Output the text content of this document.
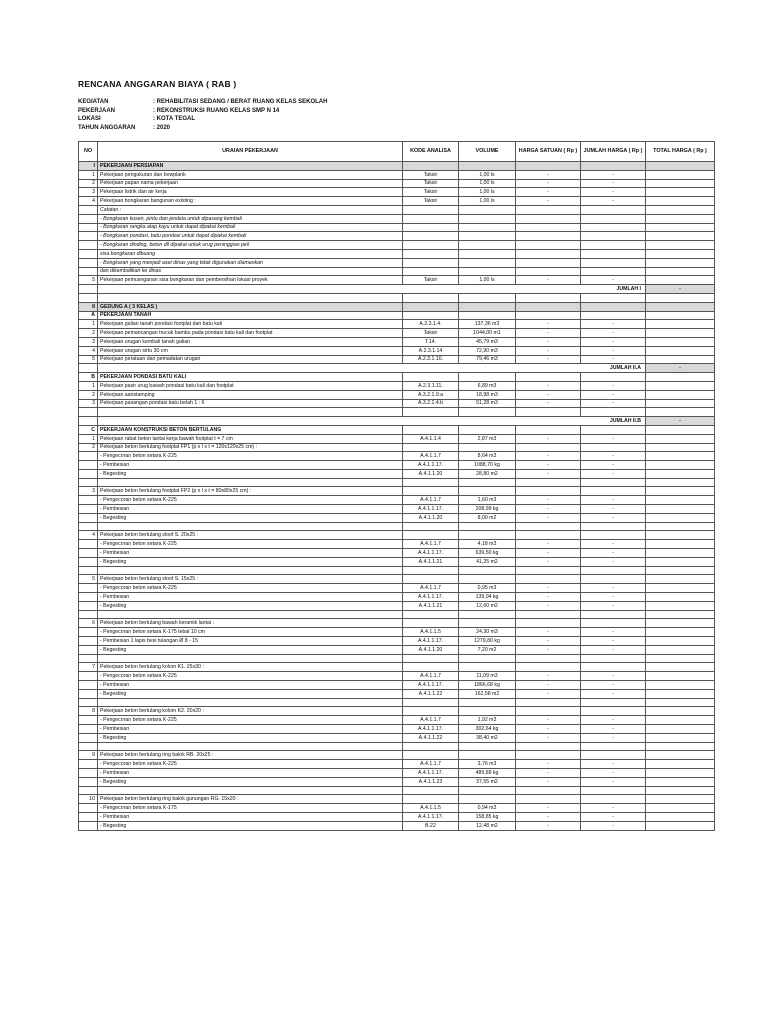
RENCANA ANGGARAN BIAYA ( RAB )
KEGIATAN	: REHABILITASI SEDANG / BERAT RUANG KELAS SEKOLAH
PEKERJAAN	: REKONSTRUKSI RUANG KELAS SMP N 14
LOKASI	: KOTA TEGAL
TAHUN ANGGARAN	: 2020
NO	URAIAN PEKERJAAN	KODE ANALISA	VOLUME	HARGA SATUAN ( Rp )	JUMLAH HARGA ( Rp )	TOTAL HARGA ( Rp )
I	PEKERJAAN PERSIAPAN					
1	Pekerjaan pengukuran dan bowplank	Taksir	1,00 ls	-	-	
2	Pekerjaan papan nama pekerjaan	Taksir	1,00 ls	-	-	
3	Pekerjaan listrik dan air kerja	Taksir	1,00 ls	-	-	
4	Pekerjaan bongkaran bangunan existing :	Taksir	1,00 ls	-	-	
	Catatan :					
	- Bongkaran kusen, pintu dan jendela untuk dipasang kembali					
	- Bongkaran rangka atap kayu untuk dapat dipakai kembali					
	- Bongkaran pondasi, batu pondasi untuk dapat dipakai kembali					
	- Bongkaran dinding, beton dll dipakai untuk urug peninggian peil					
	sisa bongkaran dibuang					
	- Bongkaran yang menjadi aset dinas yang tidak digunakan diamankan					
	dan dikembalikan ke dinas					
5	Pekerjaan pemusnganan sisa bongkaran dan pembersihan lokasi proyek	Taksir	1,00 ls	-	-	
	JUMLAH I					-

II	GEDUNG A ( 3 KELAS )					
A	PEKERJAAN TANAH					
1	Pekerjaan galian tanah pondasi footplat dan batu kali	A.2.3.1.4.	137,36 m3	-	-	
2	Pekerjaan pemancangan trucuk bambu pada pondasi batu kali dan footplat	Taksir	1044,00 m1	-	-	
3	Pekerjaan urugan kembali tanah galian	T.14.	45,79 m3	-	-	
4	Pekerjaan urugan sirtu 30 cm	A.2.3.1.14	72,90 m3	-	-	
5	Pekerjaan perataan dan pemadatan urugan	A.2.3.1.10.	79,46 m3	-	-	
	JUMLAH II.A					-
B	PEKERJAAN PONDASI BATU KALI					
1	Pekerjaan pasir urug bawah pondasi batu kali dan footplat	A.2.3.1.11.	6,89 m3	-	-	
2	Pekerjaan aanstamping	A.3.2.1.9.a	18,98 m3	-	-	
3	Pekerjaan pasangan pondasi batu belah 1 : 6	A.3.2.1.4.b	51,28 m3	-	-	

	JUMLAH II.B					-
C	PEKERJAAN KONSTRUKSI BETON BERTULANG					
1	Pekerjaan rabat beton lantai kerja bawah footplat t = 7 cm	A.4.1.1.4	2,87 m3	-	-	
2	Pekerjaan beton bertulang footplat FP1 (p x l x t = 120x120x25 cm) :					
	- Pengecoran beton setara K-225	A.4.1.1.7	8,64 m3	-	-	
	- Pembesian	A.4.1.1.17.	1088,70 kg	-	-	
	- Begesting	A.4.1.1.20	28,80 m2	-	-	

3	Pekerjaan beton bertulang footplat FP2 (p x l x t = 80x80x25 cm) :					
	- Pengecoran beton setara K-225	A.4.1.1.7	1,60 m3	-	-	
	- Pembesian	A.4.1.1.17.	208,99 kg	-	-	
	- Begesting	A.4.1.1.20	8,00 m2	-	-	

4	Pekerjaan beton bertulang sloof S. 20x25 :					
	- Pengecoran beton setara K-225	A.4.1.1.7	4,18 m3	-	-	
	- Pembesian	A.4.1.1.17.	639,50 kg	-	-	
	- Begesting	A.4.1.1.21	41,25 m2	-	-	

5	Pekerjaan beton bertulang sloof S. 15x25 :					
	- Pengecoran beton setara K-225	A.4.1.1.7	0,95 m3	-	-	
	- Pembesian	A.4.1.1.17.	139,04 kg	-	-	
	- Begesting	A.4.1.1.21	12,60 m2	-	-	

6	Pekerjaan beton bertulang bawah keramik lantai :					
	- Pengecoran beton setara K-175 tebal 10 cm	A.4.1.1.5	24,30 m3	-	-	
	- Pembesian 1 lapis besi tulangan Ø 8 - 15	A.4.1.1.17.	1279,80 kg	-	-	
	- Begesting	A.4.1.1.20	7,20 m2	-	-	

7	Pekerjaan beton bertulang kolom K1. 25x30 :					
	- Pengecoran beton setara K-225	A.4.1.1.7	11,09 m3	-	-	
	- Pembesian	A.4.1.1.17.	1866,68 kg	-	-	
	- Begesting	A.4.1.1.22	162,58 m2	-	-	

8	Pekerjaan beton bertulang kolom K2. 20x20 :					
	- Pengecoran beton setara K-225	A.4.1.1.7	1,92 m3	-	-	
	- Pembesian	A.4.1.1.17.	302,64 kg	-	-	
	- Begesting	A.4.1.1.22	38,40 m2	-	-	

9	Pekerjaan beton bertulang ring balok RB. 20x25 :					
	- Pengecoran beton setara K-225	A.4.1.1.7	3,76 m3	-	-	
	- Pembesian	A.4.1.1.17.	489,89 kg	-	-	
	- Begesting	A.4.1.1.23	37,55 m2	-	-	

10	Pekerjaan beton bertulang ring balok gunungan RG. 15x20 :					
	- Pengecoran beton setara K-175	A.4.1.1.5	0,94 m3	-	-	
	- Pembesian	A.4.1.1.17.	158,85 kg	-	-	
	- Begesting	B.22	12,48 m2	-	-	
